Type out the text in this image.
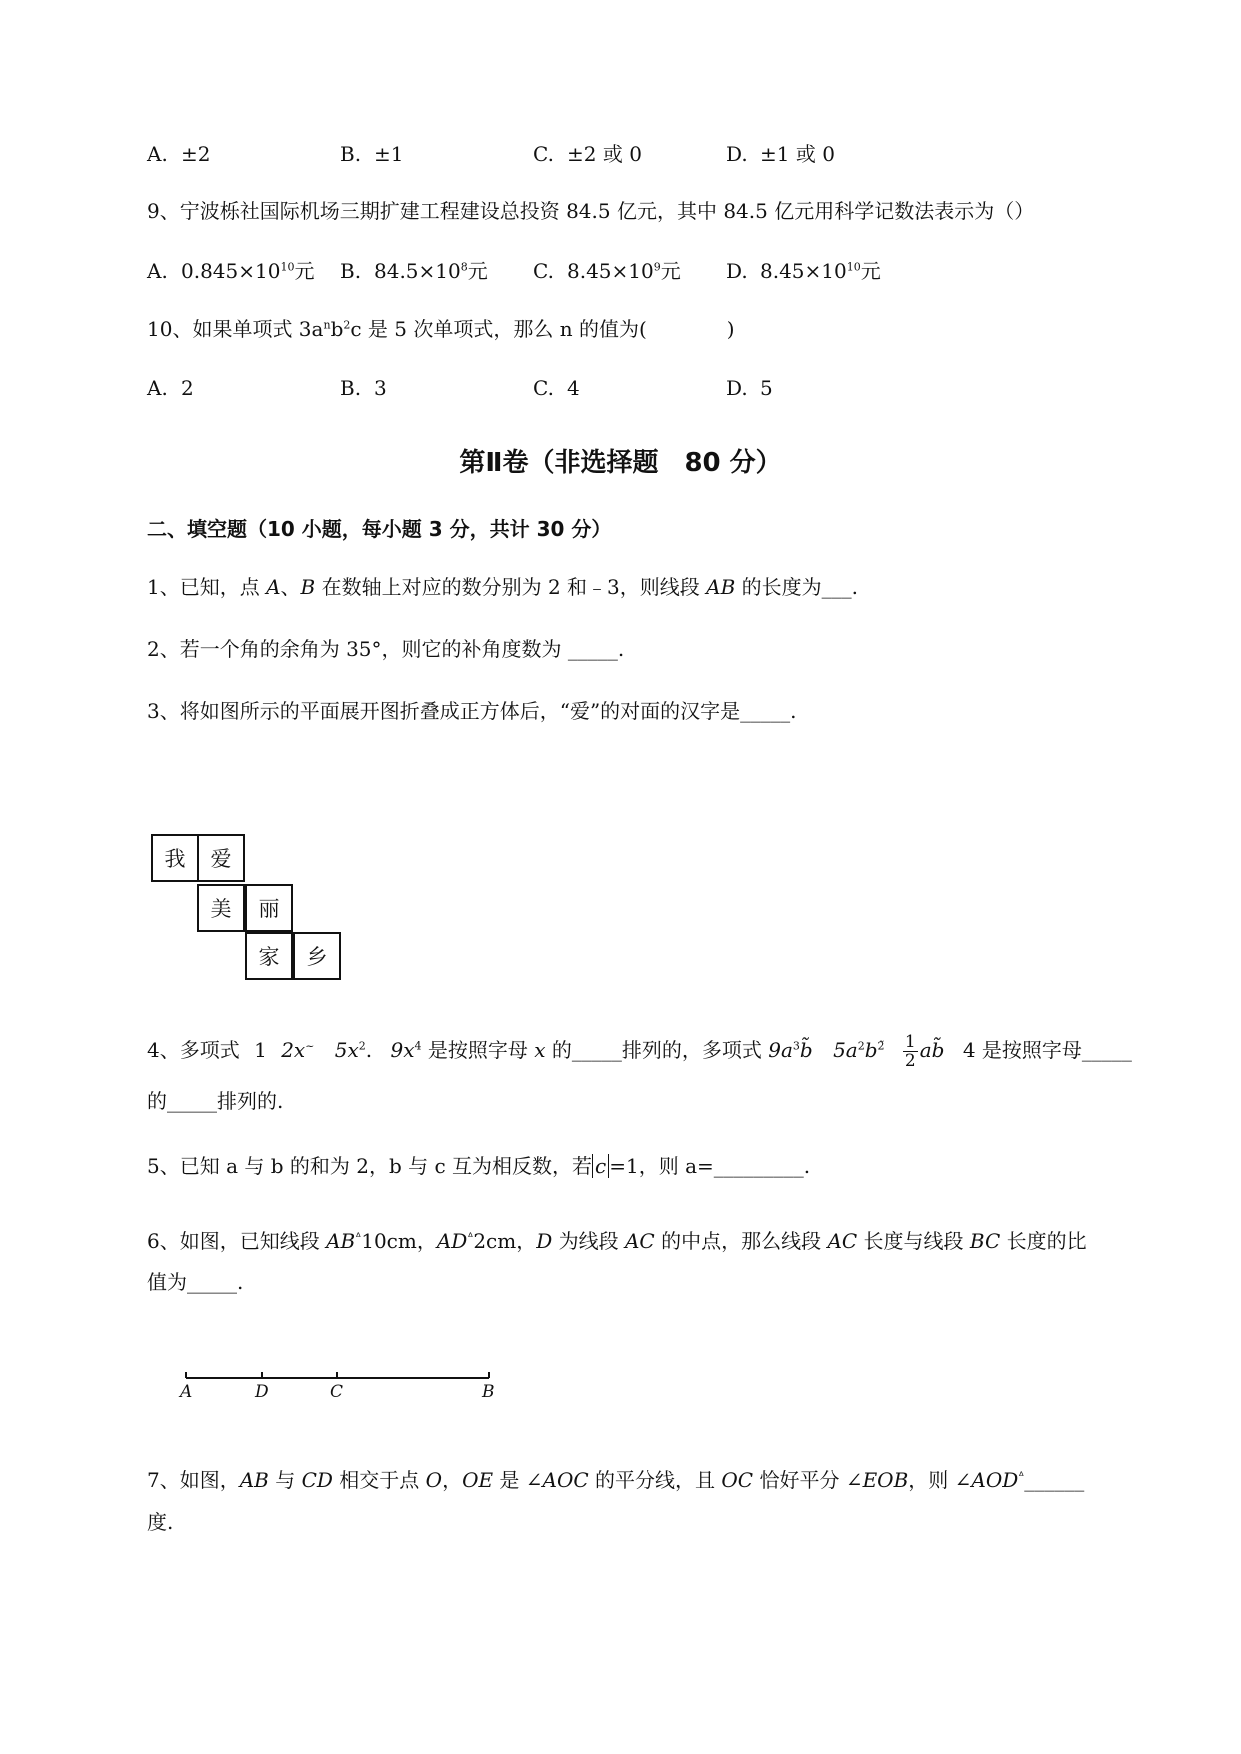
A. ±2	B. ±1	C. ±2 或 0	D. ±1 或 0
9、宁波栎社国际机场三期扩建工程建设总投资 84.5 亿元，其中 84.5 亿元用科学记数法表示为（）
A. $0.845\times 10^{10}$元 B. $84.5\times 10^8$元 C. $8.45\times 10^9$元 D. $8.45\times 10^{10}$元
10、如果单项式 $3a^nb^2c$ 是 5 次单项式，那么 n 的值为(　　　　)
A. 2	B. 3	C. 4	D. 5
第Ⅱ卷（非选择题　80 分）
二、填空题（10 小题，每小题 3 分，共计 30 分）
1、已知，点 A、B 在数轴上对应的数分别为 2 和﹣3，则线段 AB 的长度为___.
2、若一个角的余角为 35°，则它的补角度数为 _____.
3、将如图所示的平面展开图折叠成正方体后，“爱”的对面的汉字是_____.
我	爱
美	丽
家	乡
4、多项式 1 2x~ $5x^2$. $9x^4$ 是按照字母 x 的_____排列的，多项式 $9a^3b̃$ $5a^2b^{2̃} \frac{1}{2}$ ab̃ 4 是按照字母_____
的_____排列的.
5、已知 a 与 b 的和为 2，b 与 c 互为相反数，若 c =1，则 a=_________.
6、如图，已知线段 $AB^ᐞ10cm$，$AD^ᐞ2cm$，D 为线段 AC 的中点，那么线段 AC 长度与线段 BC 长度的比
值为_____.
A	D	C	B
7、如图，AB 与 CD 相交于点 O，OE 是 ∠AOC 的平分线，且 OC 恰好平分 ∠EOB，则 $\angle AOD^ᐞ\_\_\_\_\_\_$
度.
